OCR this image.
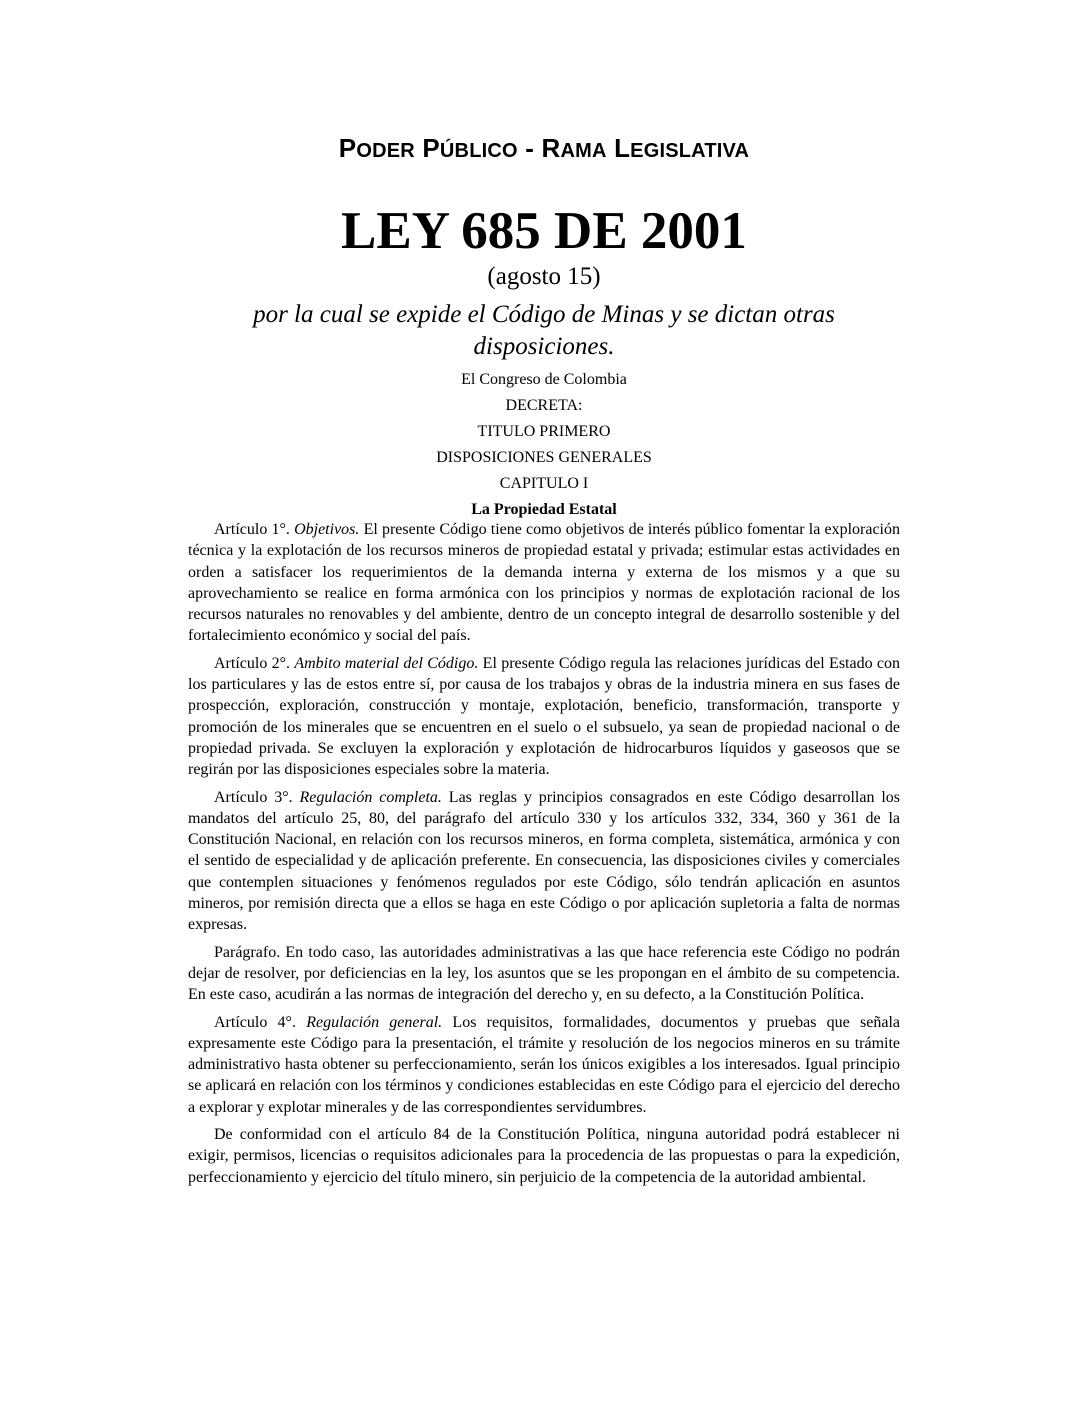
PODER PÚBLICO - RAMA LEGISLATIVA
LEY 685 DE 2001
(agosto 15)
por la cual se expide el Código de Minas y se dictan otras disposiciones.
El Congreso de Colombia
DECRETA:
TITULO PRIMERO
DISPOSICIONES GENERALES
CAPITULO I
La Propiedad Estatal

Artículo 1°. Objetivos. El presente Código tiene como objetivos de interés público fomentar la exploración técnica y la explotación de los recursos mineros de propiedad estatal y privada; estimular estas actividades en orden a satisfacer los requerimientos de la demanda interna y externa de los mismos y a que su aprovechamiento se realice en forma armónica con los principios y normas de explotación racional de los recursos naturales no renovables y del ambiente, dentro de un concepto integral de desarrollo sostenible y del fortalecimiento económico y social del país.

Artículo 2°. Ambito material del Código. El presente Código regula las relaciones jurídicas del Estado con los particulares y las de estos entre sí, por causa de los trabajos y obras de la industria minera en sus fases de prospección, exploración, construcción y montaje, explotación, beneficio, transformación, transporte y promoción de los minerales que se encuentren en el suelo o el subsuelo, ya sean de propiedad nacional o de propiedad privada. Se excluyen la exploración y explotación de hidrocarburos líquidos y gaseosos que se regirán por las disposiciones especiales sobre la materia.

Artículo 3°. Regulación completa. Las reglas y principios consagrados en este Código desarrollan los mandatos del artículo 25, 80, del parágrafo del artículo 330 y los artículos 332, 334, 360 y 361 de la Constitución Nacional, en relación con los recursos mineros, en forma completa, sistemática, armónica y con el sentido de especialidad y de aplicación preferente. En consecuencia, las disposiciones civiles y comerciales que contemplen situaciones y fenómenos regulados por este Código, sólo tendrán aplicación en asuntos mineros, por remisión directa que a ellos se haga en este Código o por aplicación supletoria a falta de normas expresas.

Parágrafo. En todo caso, las autoridades administrativas a las que hace referencia este Código no podrán dejar de resolver, por deficiencias en la ley, los asuntos que se les propongan en el ámbito de su competencia. En este caso, acudirán a las normas de integración del derecho y, en su defecto, a la Constitución Política.

Artículo 4°. Regulación general. Los requisitos, formalidades, documentos y pruebas que señala expresamente este Código para la presentación, el trámite y resolución de los negocios mineros en su trámite administrativo hasta obtener su perfeccionamiento, serán los únicos exigibles a los interesados. Igual principio se aplicará en relación con los términos y condiciones establecidas en este Código para el ejercicio del derecho a explorar y explotar minerales y de las correspondientes servidumbres.

De conformidad con el artículo 84 de la Constitución Política, ninguna autoridad podrá establecer ni exigir, permisos, licencias o requisitos adicionales para la procedencia de las propuestas o para la expedición, perfeccionamiento y ejercicio del título minero, sin perjuicio de la competencia de la autoridad ambiental.
